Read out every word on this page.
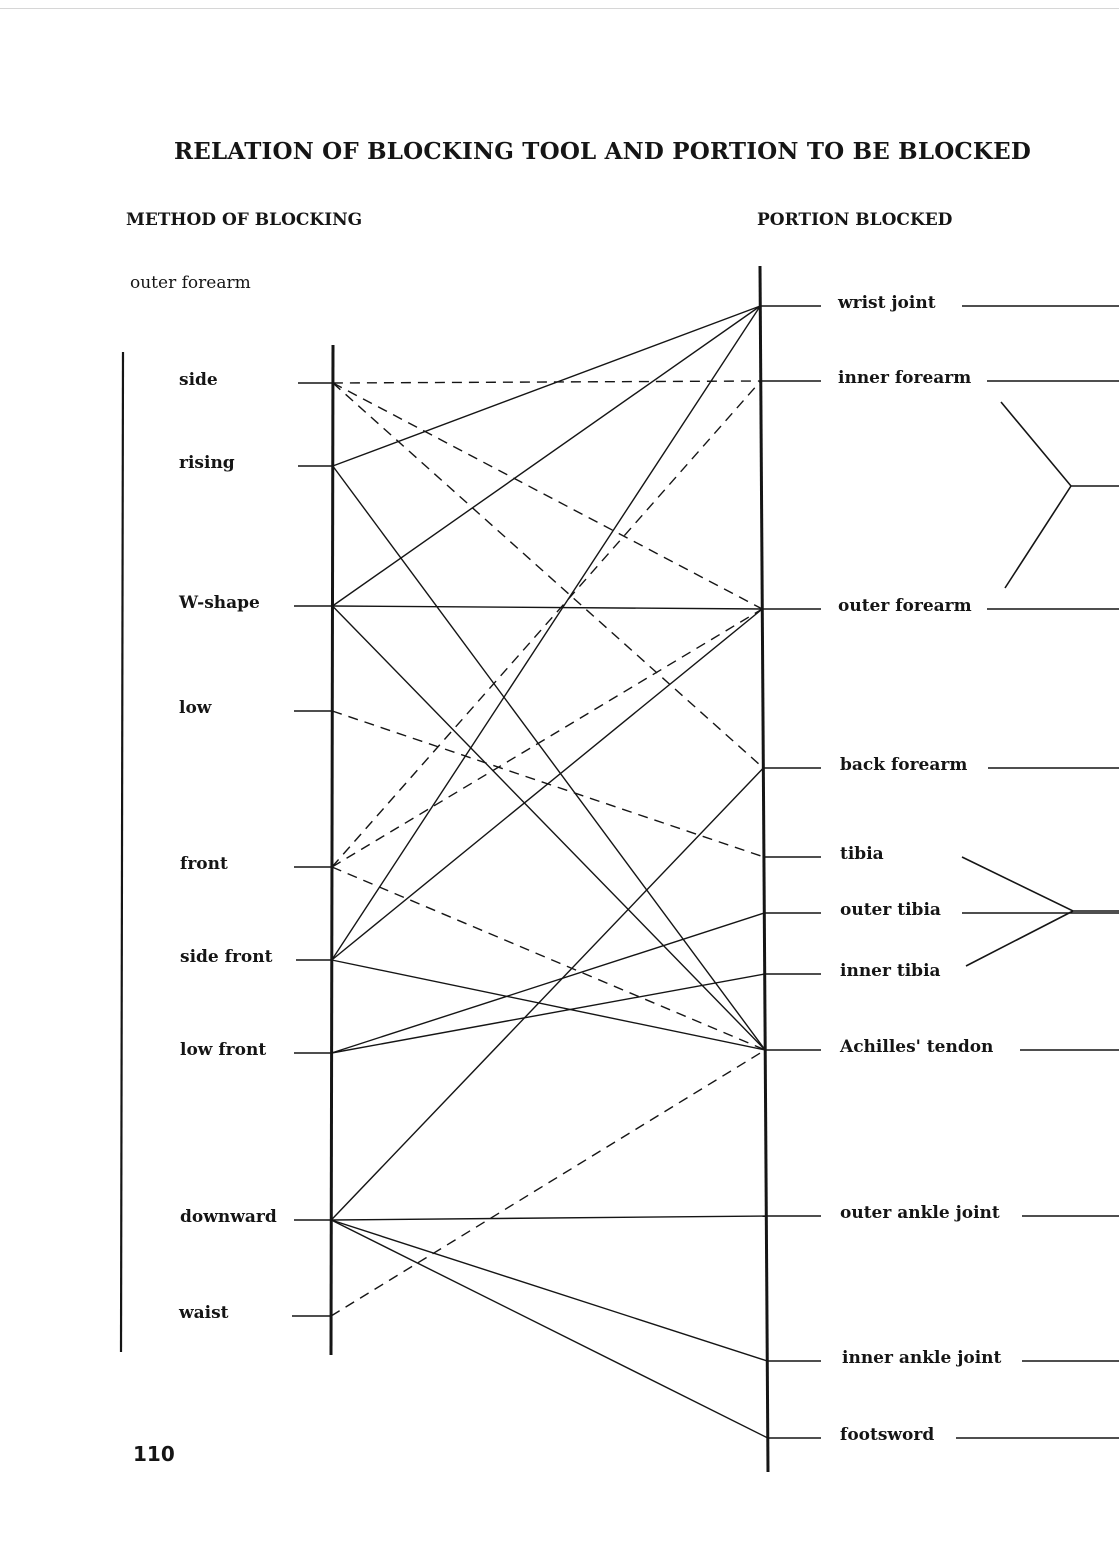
RELATION OF BLOCKING TOOL AND PORTION TO BE BLOCKED
METHOD OF BLOCKING	PORTION BLOCKED
outer forearm
side
rising
W-shape
low
front
side front
low front
downward
waist
wrist joint
inner forearm
outer forearm
back forearm
tibia
outer tibia
inner tibia
Achilles' tendon
outer ankle joint
inner ankle joint
footsword
110
